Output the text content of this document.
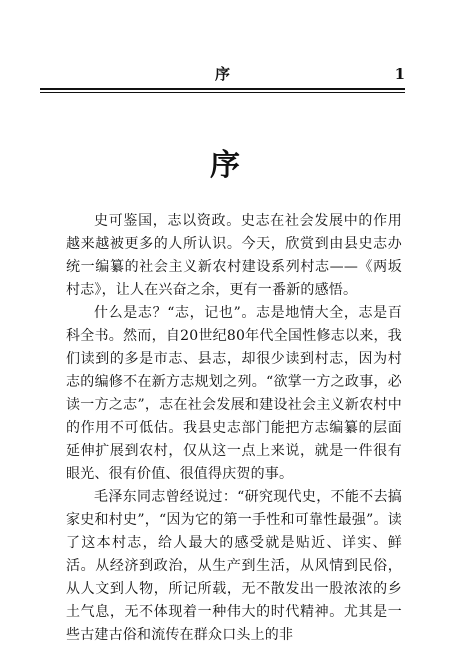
序	1
序

史可鉴国，志以资政。史志在社会发展中的作用越来越被更多的人所认识。今天，欣赏到由县史志办统一编纂的社会主义新农村建设系列村志——《两坂村志》，让人在兴奋之余，更有一番新的感悟。

什么是志？“志，记也”。志是地情大全，志是百科全书。然而，自20世纪80年代全国性修志以来，我们读到的多是市志、县志，却很少读到村志，因为村志的编修不在新方志规划之列。“欲掌一方之政事，必读一方之志”，志在社会发展和建设社会主义新农村中的作用不可低估。我县史志部门能把方志编纂的层面延伸扩展到农村，仅从这一点上来说，就是一件很有眼光、很有价值、很值得庆贺的事。

毛泽东同志曾经说过：“研究现代史，不能不去搞家史和村史”，“因为它的第一手性和可靠性最强”。读了这本村志，给人最大的感受就是贴近、详实、鲜活。从经济到政治，从生产到生活，从风情到民俗，从人文到人物，所记所载，无不散发出一股浓浓的乡土气息，无不体现着一种伟大的时代精神。尤其是一些古建古俗和流传在群众口头上的非
